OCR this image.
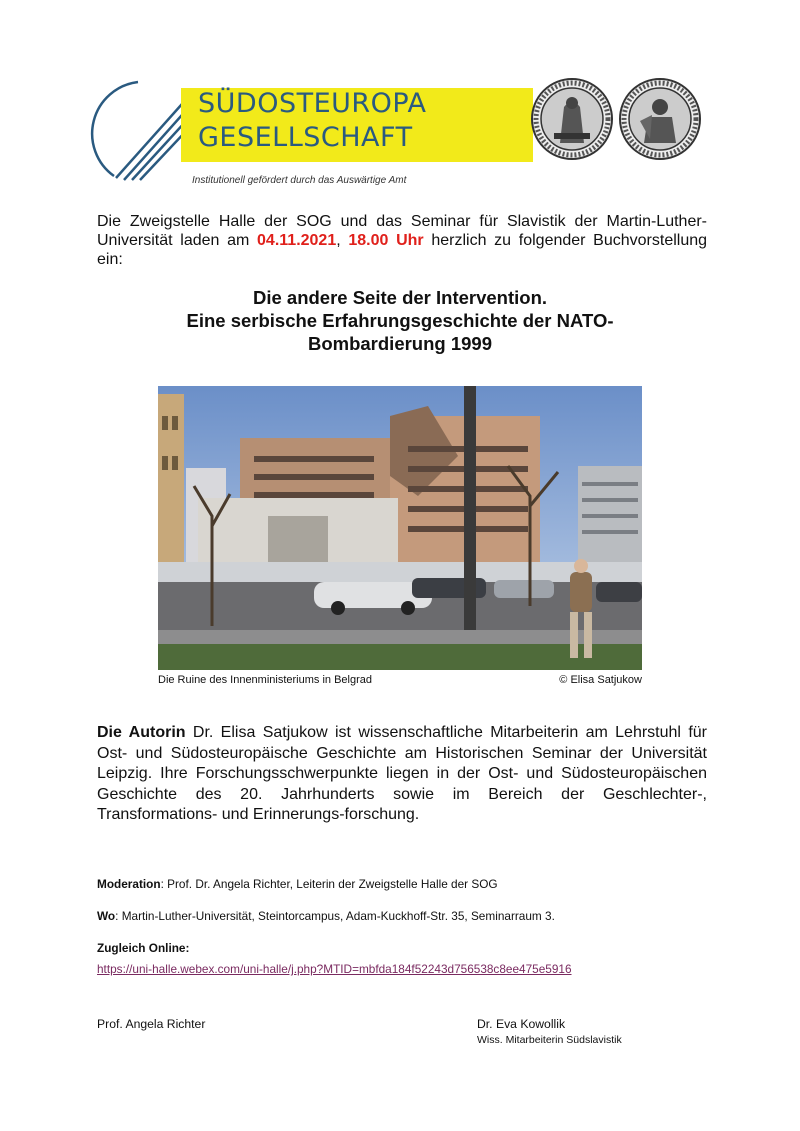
SÜDOSTEUROPA
GESELLSCHAFT
Institutionell gefördert durch das Auswärtige Amt

Die Zweigstelle Halle der SOG und das Seminar für Slavistik der Martin-Luther-Universität laden am 04.11.2021, 18.00 Uhr herzlich zu folgender Buchvorstellung ein:

Die andere Seite der Intervention.
Eine serbische Erfahrungsgeschichte der NATO-
Bombardierung 1999
Die Ruine des Innenministeriums in Belgrad	© Elisa Satjukow

Die Autorin Dr. Elisa Satjukow ist wissenschaftliche Mitarbeiterin am Lehrstuhl für Ost- und Südosteuropäische Geschichte am Historischen Seminar der Universität Leipzig. Ihre Forschungsschwerpunkte liegen in der Ost- und Südosteuropäischen Geschichte des 20. Jahrhunderts sowie im Bereich der Geschlechter-, Transformations- und Erinnerungs-forschung.

Moderation: Prof. Dr. Angela Richter, Leiterin der Zweigstelle Halle der SOG
Wo: Martin-Luther-Universität, Steintorcampus, Adam-Kuckhoff-Str. 35, Seminarraum 3.
Zugleich Online:
https://uni-halle.webex.com/uni-halle/j.php?MTID=mbfda184f52243d756538c8ee475e5916
Prof. Angela Richter	Dr. Eva Kowollik
Wiss. Mitarbeiterin Südslavistik
